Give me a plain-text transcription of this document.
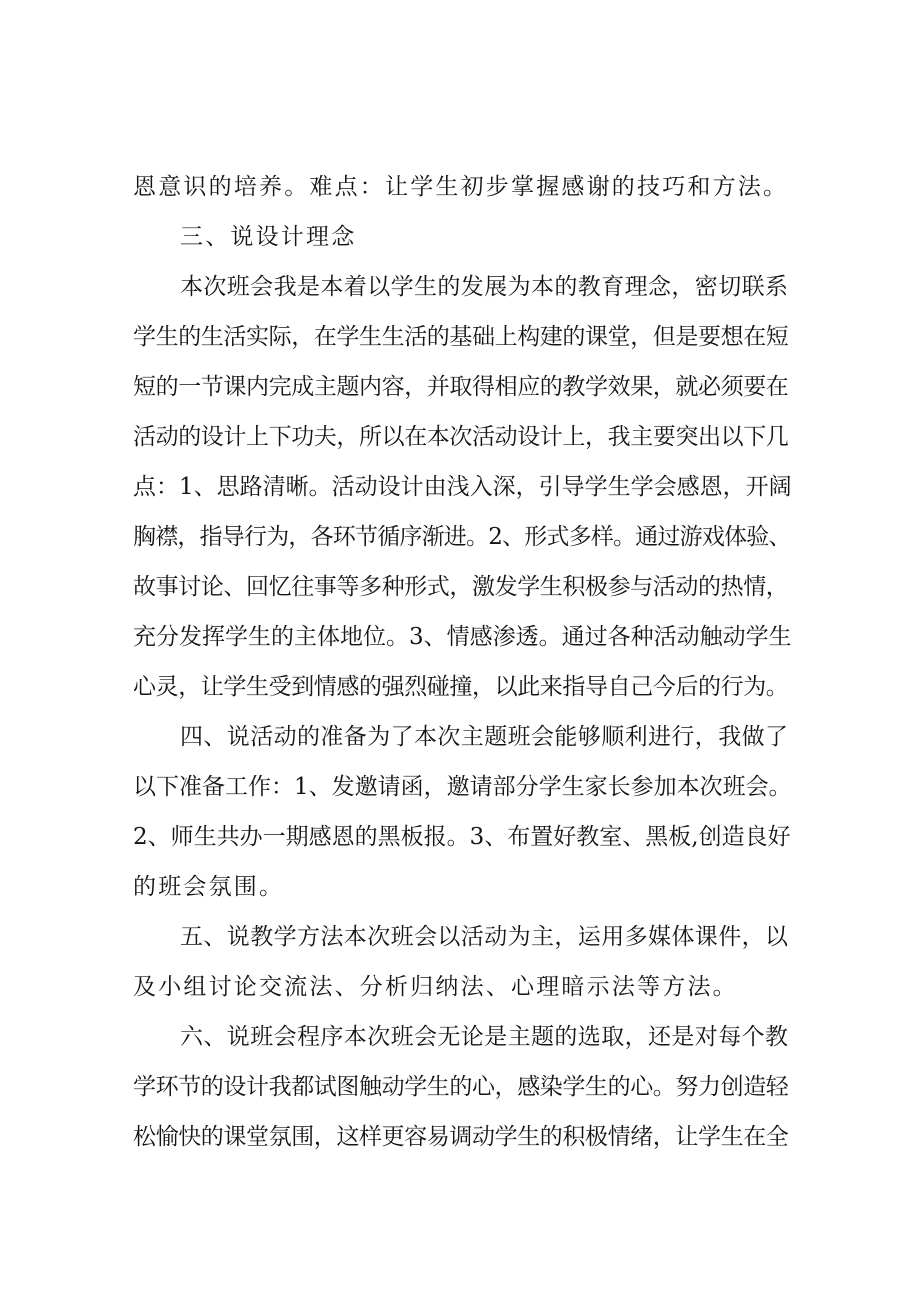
恩意识的培养。难点：让学生初步掌握感谢的技巧和方法。
三、说设计理念
本次班会我是本着以学生的发展为本的教育理念，密切联系
学生的生活实际，在学生生活的基础上构建的课堂，但是要想在短
短的一节课内完成主题内容，并取得相应的教学效果，就必须要在
活动的设计上下功夫，所以在本次活动设计上，我主要突出以下几
点：1、思路清晰。活动设计由浅入深，引导学生学会感恩，开阔
胸襟，指导行为，各环节循序渐进。2、形式多样。通过游戏体验、
故事讨论、回忆往事等多种形式，激发学生积极参与活动的热情，
充分发挥学生的主体地位。3、情感渗透。通过各种活动触动学生
心灵，让学生受到情感的强烈碰撞，以此来指导自己今后的行为。
四、说活动的准备为了本次主题班会能够顺利进行，我做了
以下准备工作：1、发邀请函，邀请部分学生家长参加本次班会。
2、师生共办一期感恩的黑板报。3、布置好教室、黑板,创造良好
的班会氛围。
五、说教学方法本次班会以活动为主，运用多媒体课件，以
及小组讨论交流法、分析归纳法、心理暗示法等方法。
六、说班会程序本次班会无论是主题的选取，还是对每个教
学环节的设计我都试图触动学生的心，感染学生的心。努力创造轻
松愉快的课堂氛围，这样更容易调动学生的积极情绪，让学生在全
